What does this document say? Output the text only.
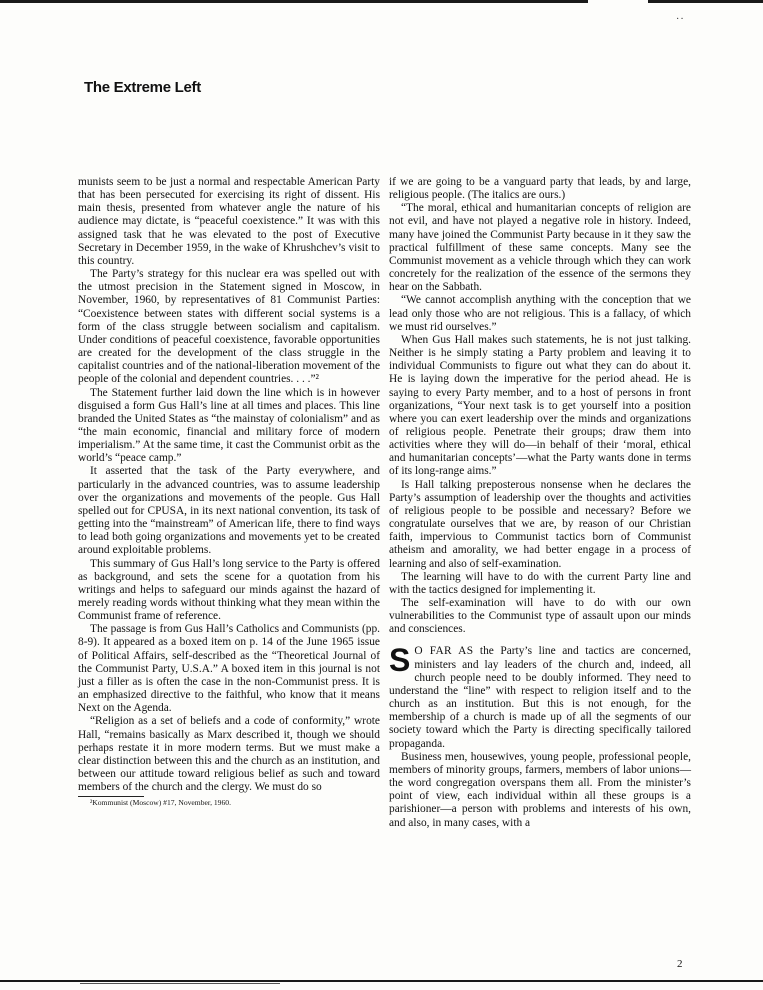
··
The Extreme Left

munists seem to be just a normal and respectable American Party that has been persecuted for exercising its right of dissent. His main thesis, presented from whatever angle the nature of his audience may dictate, is “peaceful coexistence.” It was with this assigned task that he was elevated to the post of Executive Secretary in December 1959, in the wake of Khrushchev’s visit to this country.

The Party’s strategy for this nuclear era was spelled out with the utmost precision in the Statement signed in Moscow, in November, 1960, by representatives of 81 Communist Parties: “Coexistence between states with different social systems is a form of the class struggle between socialism and capitalism. Under conditions of peaceful coexistence, favorable opportunities are created for the development of the class struggle in the capitalist countries and of the national-liberation movement of the people of the colonial and dependent countries. . . .”²

The Statement further laid down the line which is in however disguised a form Gus Hall’s line at all times and places. This line branded the United States as “the mainstay of colonialism” and as “the main economic, financial and military force of modern imperialism.” At the same time, it cast the Communist orbit as the world’s “peace camp.”

It asserted that the task of the Party everywhere, and particularly in the advanced countries, was to assume leadership over the organizations and movements of the people. Gus Hall spelled out for CPUSA, in its next national convention, its task of getting into the “mainstream” of American life, there to find ways to lead both going organizations and movements yet to be created around exploitable problems.

This summary of Gus Hall’s long service to the Party is offered as background, and sets the scene for a quotation from his writings and helps to safeguard our minds against the hazard of merely reading words without thinking what they mean within the Communist frame of reference.

The passage is from Gus Hall’s Catholics and Communists (pp. 8-9). It appeared as a boxed item on p. 14 of the June 1965 issue of Political Affairs, self-described as the “Theoretical Journal of the Communist Party, U.S.A.” A boxed item in this journal is not just a filler as is often the case in the non-Communist press. It is an emphasized directive to the faithful, who know that it means Next on the Agenda.

“Religion as a set of beliefs and a code of conformity,” wrote Hall, “remains basically as Marx described it, though we should perhaps restate it in more modern terms. But we must make a clear distinction between this and the church as an institution, and between our attitude toward religious belief as such and toward members of the church and the clergy. We must do so

²Kommunist (Moscow) #17, November, 1960.

if we are going to be a vanguard party that leads, by and large, religious people. (The italics are ours.)

“The moral, ethical and humanitarian concepts of religion are not evil, and have not played a negative role in history. Indeed, many have joined the Communist Party because in it they saw the practical fulfillment of these same concepts. Many see the Communist movement as a vehicle through which they can work concretely for the realization of the essence of the sermons they hear on the Sabbath.

“We cannot accomplish anything with the conception that we lead only those who are not religious. This is a fallacy, of which we must rid ourselves.”

When Gus Hall makes such statements, he is not just talking. Neither is he simply stating a Party problem and leaving it to individual Communists to figure out what they can do about it. He is laying down the imperative for the period ahead. He is saying to every Party member, and to a host of persons in front organizations, “Your next task is to get yourself into a position where you can exert leadership over the minds and organizations of religious people. Penetrate their groups; draw them into activities where they will do—in behalf of their ‘moral, ethical and humanitarian concepts’—what the Party wants done in terms of its long-range aims.”

Is Hall talking preposterous nonsense when he declares the Party’s assumption of leadership over the thoughts and activities of religious people to be possible and necessary? Before we congratulate ourselves that we are, by reason of our Christian faith, impervious to Communist tactics born of Communist atheism and amorality, we had better engage in a process of learning and also of self-examination.

The learning will have to do with the current Party line and with the tactics designed for implementing it.

The self-examination will have to do with our own vulnerabilities to the Communist type of assault upon our minds and consciences.

S O FAR AS the Party’s line and tactics are concerned, ministers and lay leaders of the church and, indeed, all church people need to be doubly informed. They need to understand the “line” with respect to religion itself and to the church as an institution. But this is not enough, for the membership of a church is made up of all the segments of our society toward which the Party is directing specifically tailored propaganda.

Business men, housewives, young people, professional people, members of minority groups, farmers, members of labor unions—the word congregation overspans them all. From the minister’s point of view, each individual within all these groups is a parishioner—a person with problems and interests of his own, and also, in many cases, with a

2
